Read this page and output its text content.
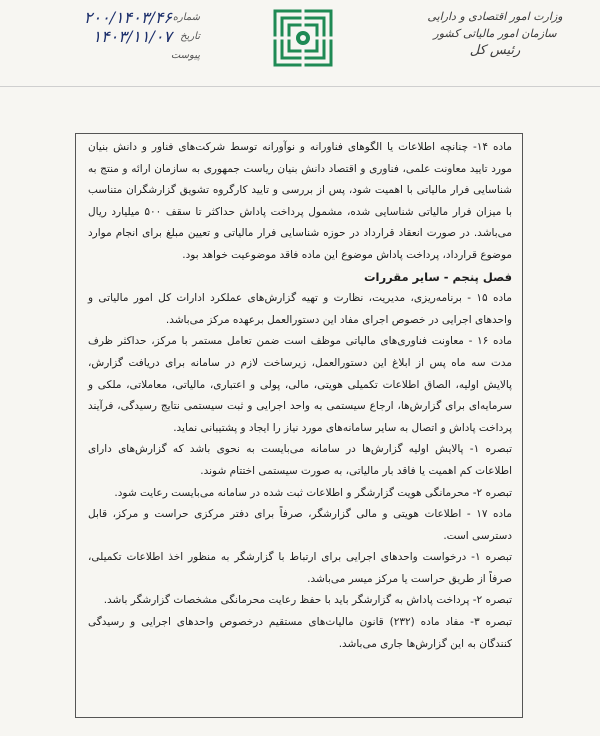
وزارت امور اقتصادی و دارایی
سازمان امور مالیاتی کشور
رئیس کل
شماره
۲۰۰/۱۴۰۳/۴۶
تاریخ
۱۴۰۳/۱۱/۰۷
پیوست

ماده ۱۴- چنانچه اطلاعات یا الگوهای فناورانه و نوآورانه توسط شرکت‌های فناور و دانش بنیان مورد تایید معاونت علمی، فناوری و اقتصاد دانش بنیان ریاست جمهوری به سازمان ارائه و منتج به شناسایی فرار مالیاتی با اهمیت شود، پس از بررسی و تایید کارگروه تشویق گزارشگران متناسب با میزان فرار مالیاتی شناسایی شده، مشمول پرداخت پاداش حداکثر تا سقف ۵۰۰ میلیارد ریال می‌باشد. در صورت انعقاد قرارداد در حوزه شناسایی فرار مالیاتی و تعیین مبلغ برای انجام موارد موضوع قرارداد، پرداخت پاداش موضوع این ماده فاقد موضوعیت خواهد بود.

فصل پنجم - سایر مقررات

ماده ۱۵ - برنامه‌ریزی، مدیریت، نظارت و تهیه گزارش‌های عملکرد ادارات کل امور مالیاتی و واحدهای اجرایی در خصوص اجرای مفاد این دستورالعمل برعهده مرکز می‌باشد.

ماده ۱۶ - معاونت فناوری‌های مالیاتی موظف است ضمن تعامل مستمر با مرکز، حداکثر ظرف مدت سه ماه پس از ابلاغ این دستورالعمل، زیرساخت لازم در سامانه برای دریافت گزارش، پالایش اولیه، الصاق اطلاعات تکمیلی هویتی، مالی، پولی و اعتباری، مالیاتی، معاملاتی، ملکی و سرمایه‌ای برای گزارش‌ها، ارجاع سیستمی به واحد اجرایی و ثبت سیستمی نتایج رسیدگی، فرآیند پرداخت پاداش و اتصال به سایر سامانه‌های مورد نیاز را ایجاد و پشتیبانی نماید.

تبصره ۱- پالایش اولیه گزارش‌ها در سامانه می‌بایست به نحوی باشد که گزارش‌های دارای اطلاعات کم اهمیت یا فاقد بار مالیاتی، به صورت سیستمی اختتام شوند.

تبصره ۲- محرمانگی هویت گزارشگر و اطلاعات ثبت شده در سامانه می‌بایست رعایت شود.

ماده ۱۷ - اطلاعات هویتی و مالی گزارشگر، صرفاً برای دفتر مرکزی حراست و مرکز، قابل دسترسی است.

تبصره ۱- درخواست واحدهای اجرایی برای ارتباط با گزارشگر به منظور اخذ اطلاعات تکمیلی، صرفاً از طریق حراست یا مرکز میسر می‌باشد.

تبصره ۲- پرداخت پاداش به گزارشگر باید با حفظ رعایت محرمانگی مشخصات گزارشگر باشد.

تبصره ۳- مفاد ماده (۲۳۲) قانون مالیات‌های مستقیم درخصوص واحدهای اجرایی و رسیدگی کنندگان به این گزارش‌ها جاری می‌باشد.
